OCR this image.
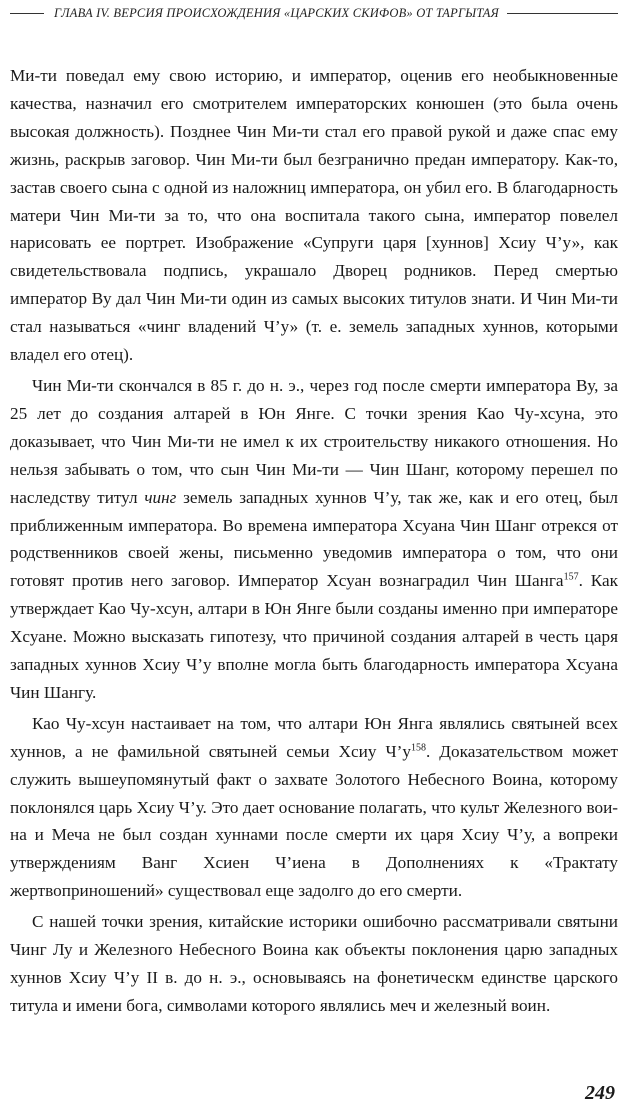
ГЛАВА IV. ВЕРСИЯ ПРОИСХОЖДЕНИЯ «ЦАРСКИХ СКИФОВ» ОТ ТАРГЫТАЯ

Ми-ти поведал ему свою историю, и император, оценив его необыкновенные качества, назначил его смотрителем императорских конюшен (это была очень высокая должность). Позднее Чин Ми-ти стал его правой рукой и даже спас ему жизнь, раскрыв заговор. Чин Ми-ти был безгранично предан императору. Как-то, застав своего сына с одной из наложниц императора, он убил его. В благодарность матери Чин Ми-ти за то, что она воспитала такого сына, император повелел нарисовать ее портрет. Изображение «Супруги царя [хуннов] Хсиу Ч’у», как свидетельствовала подпись, украшало Дворец родников. Перед смертью император Ву дал Чин Ми-ти один из самых высоких титулов знати. И Чин Ми-ти стал называться «чинг владений Ч’у» (т. е. земель западных хуннов, которыми владел его отец).

Чин Ми-ти скончался в 85 г. до н. э., через год после смерти императора Ву, за 25 лет до создания алтарей в Юн Янге. С точки зрения Као Чу-хсуна, это доказывает, что Чин Ми-ти не имел к их строительству никакого отношения. Но нельзя забывать о том, что сын Чин Ми-ти — Чин Шанг, которому перешел по наследству титул чинг земель западных хуннов Ч’у, так же, как и его отец, был приближенным императора. Во времена императора Хсуана Чин Шанг отрекся от родственников своей жены, письменно уведомив императора о том, что они готовят против него заговор. Император Хсуан вознаградил Чин Шанга$^{157}$. Как утверждает Као Чу-хсун, алтари в Юн Янге были созданы именно при императоре Хсуане. Можно высказать гипотезу, что причиной создания алтарей в честь царя западных хуннов Хсиу Ч’у вполне могла быть благодарность императора Хсуана Чин Шангу.

Као Чу-хсун настаивает на том, что алтари Юн Янга являлись святыней всех хуннов, а не фамильной святыней семьи Хсиу $Ч’у^{158}$. Доказательством может служить вышеупомянутый факт о захвате Золотого Небесного Воина, которому поклонялся царь Хсиу Ч’у. Это дает основание полагать, что культ Железного воина и Меча не был создан хуннами после смерти их царя Хсиу Ч’у, а вопреки утверждениям Ванг Хсиен Ч’иена в Дополнениях к «Трактату жертвоприношений» существовал еще задолго до его смерти.

С нашей точки зрения, китайские историки ошибочно рассматривали святыни Чинг Лу и Железного Небесного Воина как объекты поклонения царю западных хуннов Хсиу Ч’у II в. до н. э., основываясь на фонетическм единстве царского титула и имени бога, символами которого являлись меч и железный воин.

249
